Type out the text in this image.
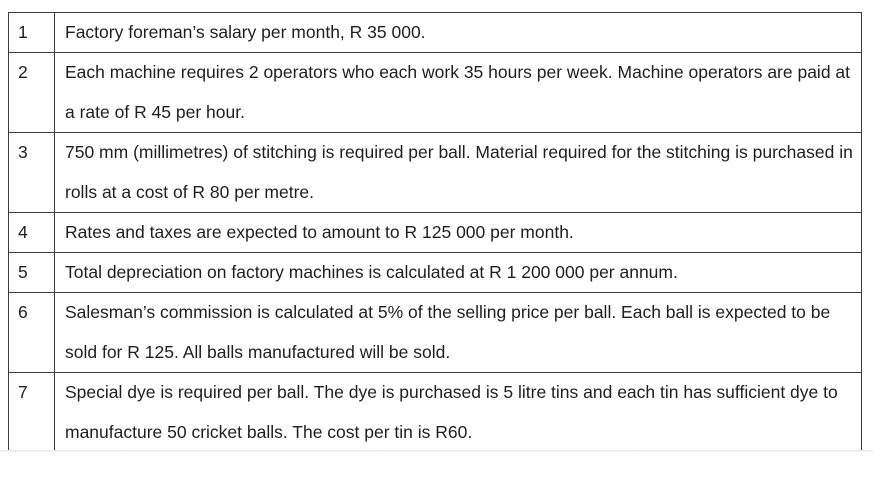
1	Factory foreman’s salary per month, R 35 000.
2	Each machine requires 2 operators who each work 35 hours per week. Machine operators are paid at a rate of R 45 per hour.
3	750 mm (millimetres) of stitching is required per ball. Material required for the stitching is purchased in rolls at a cost of R 80 per metre.
4	Rates and taxes are expected to amount to R 125 000 per month.
5	Total depreciation on factory machines is calculated at R 1 200 000 per annum.
6	Salesman’s commission is calculated at 5% of the selling price per ball. Each ball is expected to be sold for R 125. All balls manufactured will be sold.
7	Special dye is required per ball. The dye is purchased is 5 litre tins and each tin has sufficient dye to manufacture 50 cricket balls. The cost per tin is R60.
